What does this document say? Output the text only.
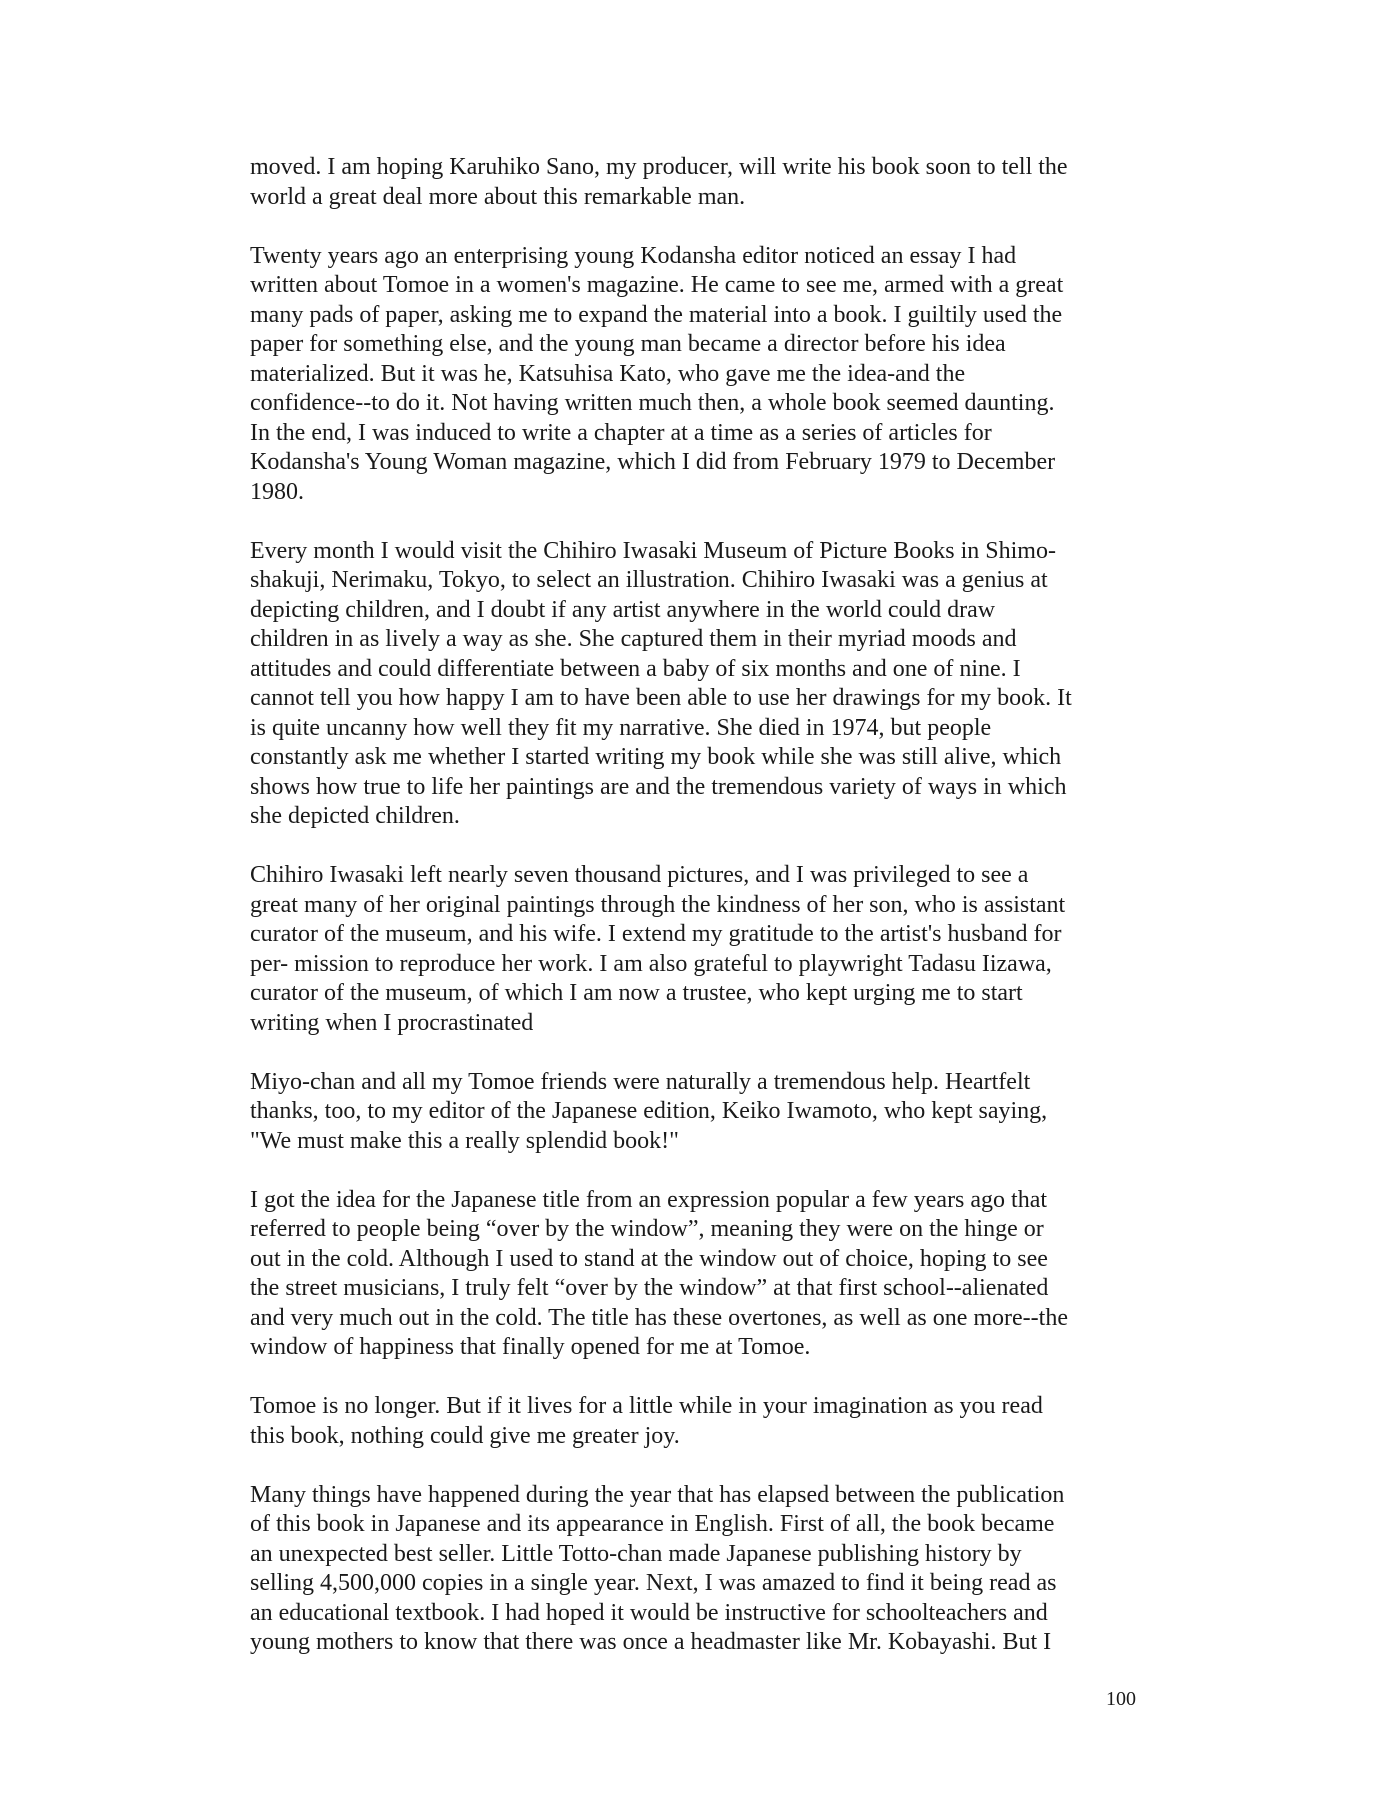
moved. I am hoping Karuhiko Sano, my producer, will write his book soon to tell the
world a great deal more about this remarkable man.

Twenty years ago an enterprising young Kodansha editor noticed an essay I had
written about Tomoe in a women's magazine. He came to see me, armed with a great
many pads of paper, asking me to expand the material into a book. I guiltily used the
paper for something else, and the young man became a director before his idea
materialized. But it was he, Katsuhisa Kato, who gave me the idea-and the
confidence--to do it. Not having written much then, a whole book seemed daunting.
In the end, I was induced to write a chapter at a time as a series of articles for
Kodansha's Young Woman magazine, which I did from February 1979 to December
1980.

Every month I would visit the Chihiro Iwasaki Museum of Picture Books in Shimo-
shakuji, Nerimaku, Tokyo, to select an illustration. Chihiro Iwasaki was a genius at
depicting children, and I doubt if any artist anywhere in the world could draw
children in as lively a way as she. She captured them in their myriad moods and
attitudes and could differentiate between a baby of six months and one of nine. I
cannot tell you how happy I am to have been able to use her drawings for my book. It
is quite uncanny how well they fit my narrative. She died in 1974, but people
constantly ask me whether I started writing my book while she was still alive, which
shows how true to life her paintings are and the tremendous variety of ways in which
she depicted children.

Chihiro Iwasaki left nearly seven thousand pictures, and I was privileged to see a
great many of her original paintings through the kindness of her son, who is assistant
curator of the museum, and his wife. I extend my gratitude to the artist's husband for
per- mission to reproduce her work. I am also grateful to playwright Tadasu Iizawa,
curator of the museum, of which I am now a trustee, who kept urging me to start
writing when I procrastinated

Miyo-chan and all my Tomoe friends were naturally a tremendous help. Heartfelt
thanks, too, to my editor of the Japanese edition, Keiko Iwamoto, who kept saying,
"We must make this a really splendid book!"

I got the idea for the Japanese title from an expression popular a few years ago that
referred to people being “over by the window”, meaning they were on the hinge or
out in the cold. Although I used to stand at the window out of choice, hoping to see
the street musicians, I truly felt “over by the window” at that first school--alienated
and very much out in the cold. The title has these overtones, as well as one more--the
window of happiness that finally opened for me at Tomoe.

Tomoe is no longer. But if it lives for a little while in your imagination as you read
this book, nothing could give me greater joy.

Many things have happened during the year that has elapsed between the publication
of this book in Japanese and its appearance in English. First of all, the book became
an unexpected best seller. Little Totto-chan made Japanese publishing history by
selling 4,500,000 copies in a single year. Next, I was amazed to find it being read as
an educational textbook. I had hoped it would be instructive for schoolteachers and
young mothers to know that there was once a headmaster like Mr. Kobayashi. But I

100
